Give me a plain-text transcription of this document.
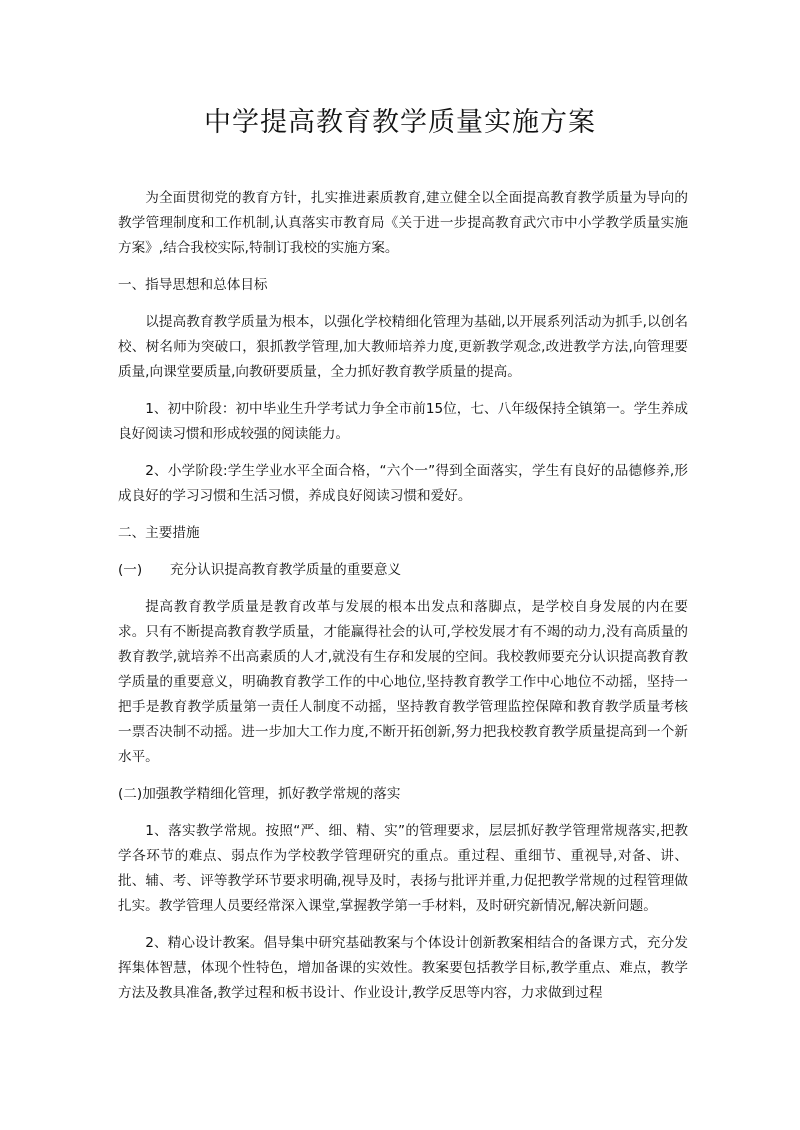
中学提高教育教学质量实施方案

为全面贯彻党的教育方针，扎实推进素质教育,建立健全以全面提高教育教学质量为导向的教学管理制度和工作机制,认真落实市教育局《关于进一步提高教育武穴市中小学教学质量实施方案》,结合我校实际,特制订我校的实施方案。

一、指导思想和总体目标

以提高教育教学质量为根本，以强化学校精细化管理为基础,以开展系列活动为抓手,以创名校、树名师为突破口，狠抓教学管理,加大教师培养力度,更新教学观念,改进教学方法,向管理要质量,向课堂要质量,向教研要质量，全力抓好教育教学质量的提高。

1、初中阶段：初中毕业生升学考试力争全市前15位，七、八年级保持全镇第一。学生养成良好阅读习惯和形成较强的阅读能力。

2、小学阶段:学生学业水平全面合格，“六个一”得到全面落实，学生有良好的品德修养,形成良好的学习习惯和生活习惯，养成良好阅读习惯和爱好。

二、主要措施

(一) 充分认识提高教育教学质量的重要意义

提高教育教学质量是教育改革与发展的根本出发点和落脚点，是学校自身发展的内在要求。只有不断提高教育教学质量，才能赢得社会的认可,学校发展才有不竭的动力,没有高质量的教育教学,就培养不出高素质的人才,就没有生存和发展的空间。我校教师要充分认识提高教育教学质量的重要意义，明确教育教学工作的中心地位,坚持教育教学工作中心地位不动摇，坚持一把手是教育教学质量第一责任人制度不动摇，坚持教育教学管理监控保障和教育教学质量考核一票否决制不动摇。进一步加大工作力度,不断开拓创新,努力把我校教育教学质量提高到一个新水平。

(二)加强教学精细化管理，抓好教学常规的落实

1、落实教学常规。按照“严、细、精、实”的管理要求，层层抓好教学管理常规落实,把教学各环节的难点、弱点作为学校教学管理研究的重点。重过程、重细节、重视导,对备、讲、批、辅、考、评等教学环节要求明确,视导及时，表扬与批评并重,力促把教学常规的过程管理做扎实。教学管理人员要经常深入课堂,掌握教学第一手材料，及时研究新情况,解决新问题。

2、精心设计教案。倡导集中研究基础教案与个体设计创新教案相结合的备课方式，充分发挥集体智慧，体现个性特色，增加备课的实效性。教案要包括教学目标,教学重点、难点，教学方法及教具准备,教学过程和板书设计、作业设计,教学反思等内容，力求做到过程
